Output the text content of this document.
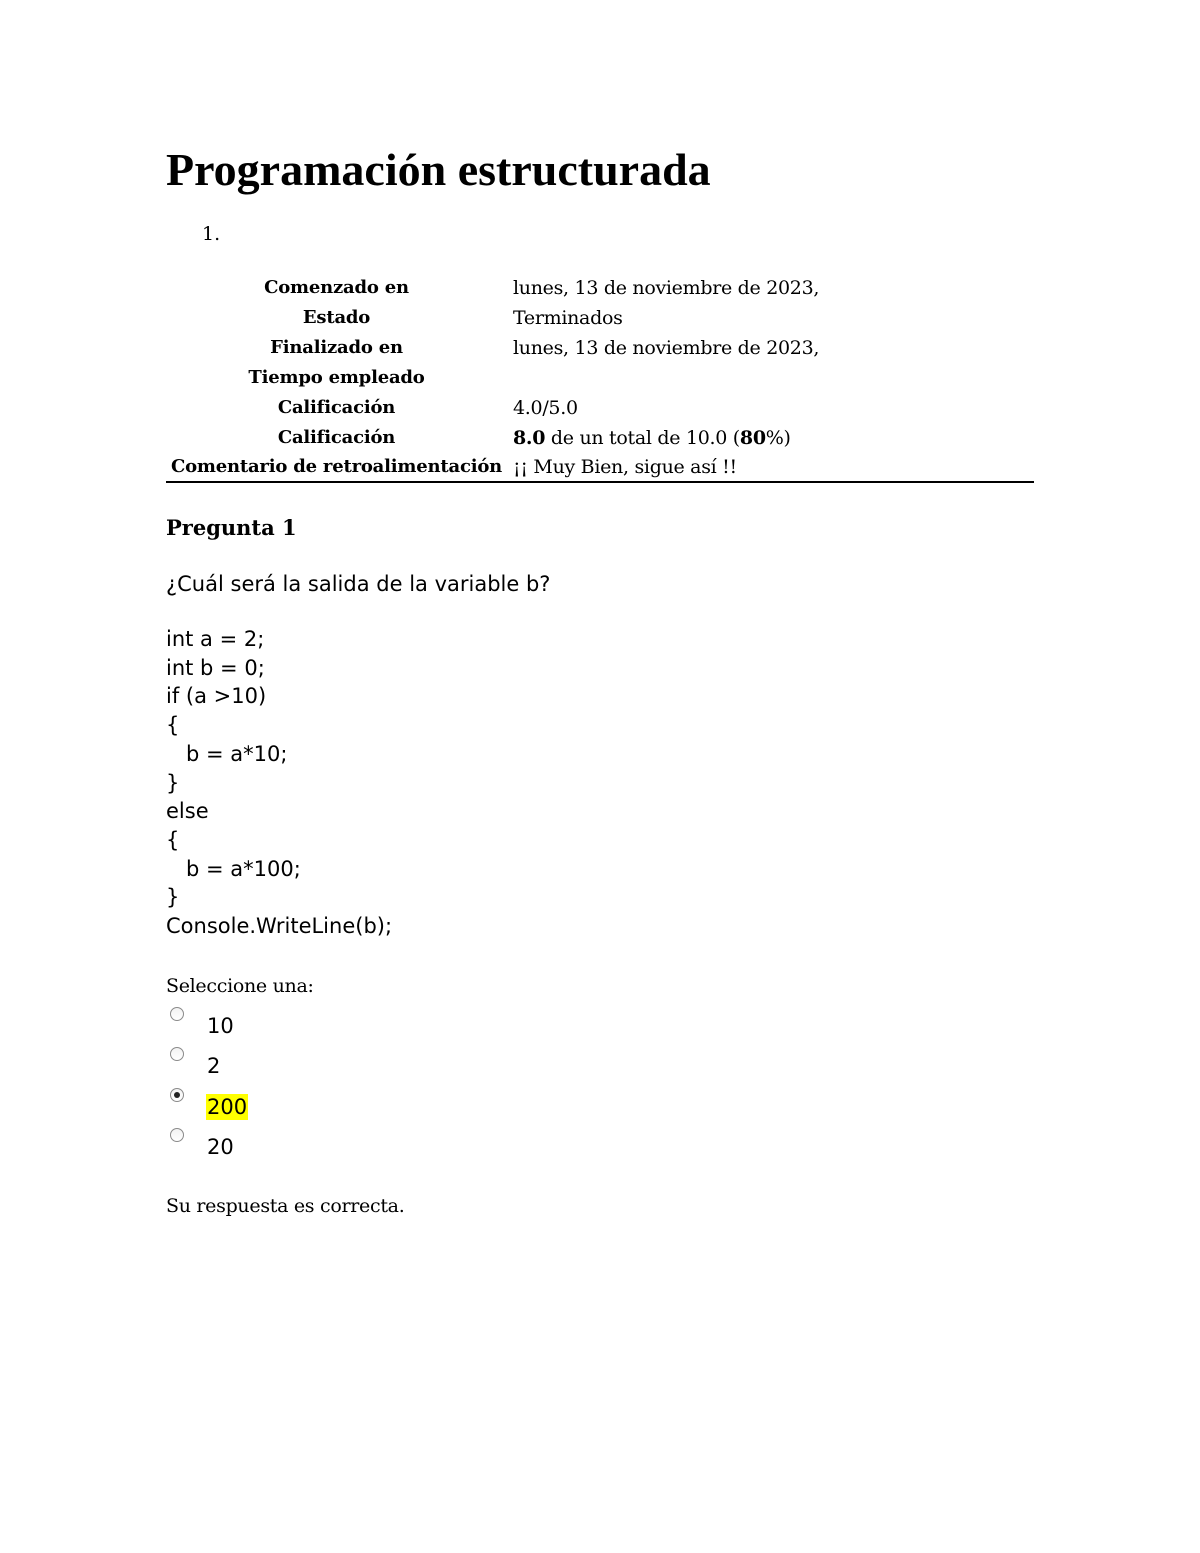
Programación estructurada
1.
Comenzado en	lunes, 13 de noviembre de 2023,
Estado	Terminados
Finalizado en	lunes, 13 de noviembre de 2023,
Tiempo empleado	
Calificación	4.0/5.0
Calificación	8.0 de un total de 10.0 (80%)
Comentario de retroalimentación	¡¡ Muy Bien, sigue así !!
Pregunta 1
¿Cuál será la salida de la variable b?
int a = 2;
int b = 0;
if (a >10)
{
b = a*10;
}
else
{
b = a*100;
}
Console.WriteLine(b);
Seleccione una:
10
2
200
20
Su respuesta es correcta.
